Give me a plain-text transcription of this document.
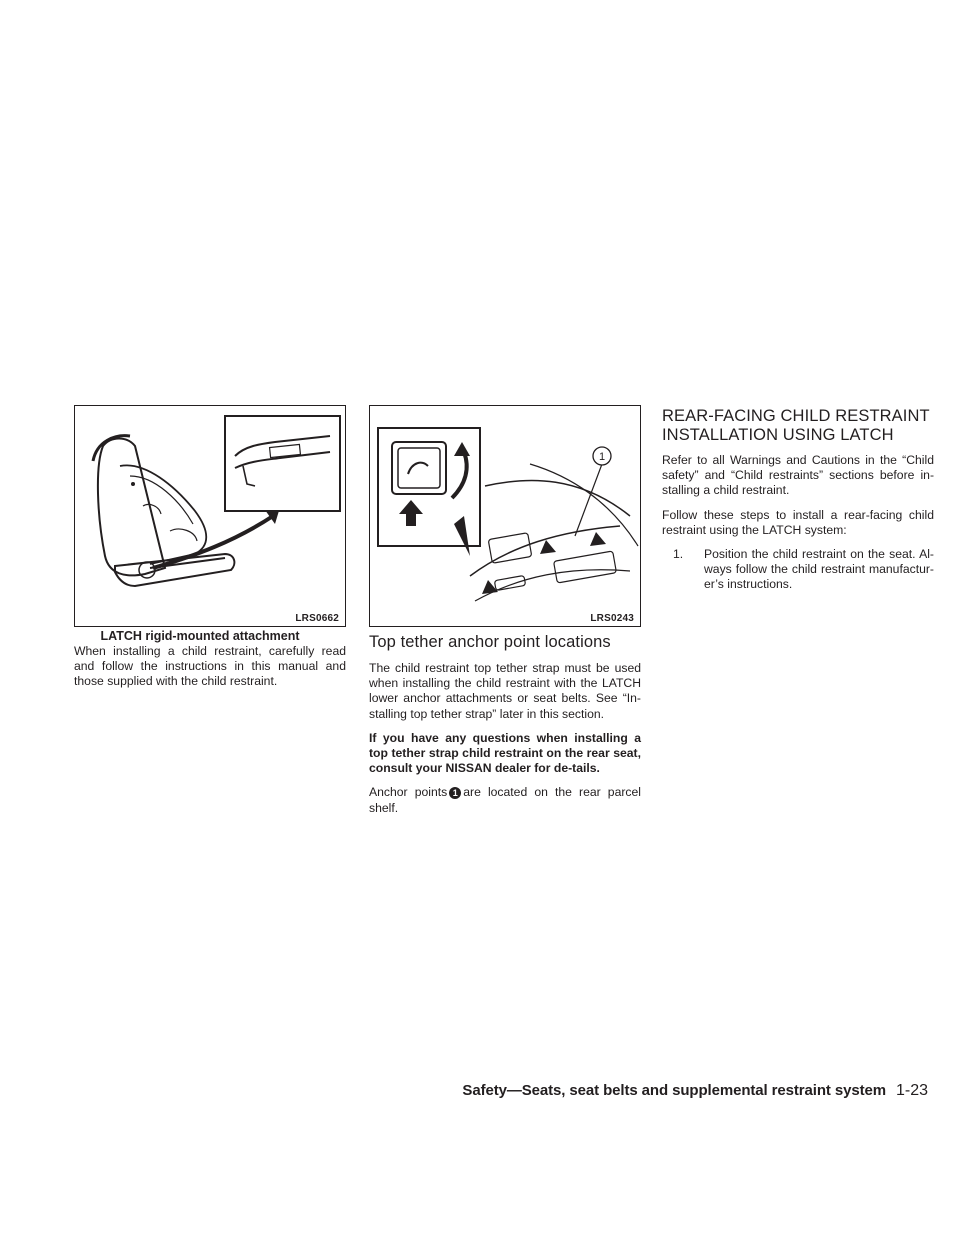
LRS0662
LATCH rigid-mounted attachment

When installing a child restraint, carefully read and follow the instructions in this manual and those supplied with the child restraint.

1
LRS0243
Top tether anchor point locations

The child restraint top tether strap must be used when installing the child restraint with the LATCH lower anchor attachments or seat belts. See “In-stalling top tether strap” later in this section.

If you have any questions when installing a top tether strap child restraint on the rear seat, consult your NISSAN dealer for de-tails.

Anchor points 1 are located on the rear parcel shelf.

REAR-FACING CHILD RESTRAINT
INSTALLATION USING LATCH

Refer to all Warnings and Cautions in the “Child safety” and “Child restraints” sections before in-stalling a child restraint.

Follow these steps to install a rear-facing child restraint using the LATCH system:

1. Position the child restraint on the seat. Al-ways follow the child restraint manufactur-er’s instructions.
Safety—Seats, seat belts and supplemental restraint system 1-23
